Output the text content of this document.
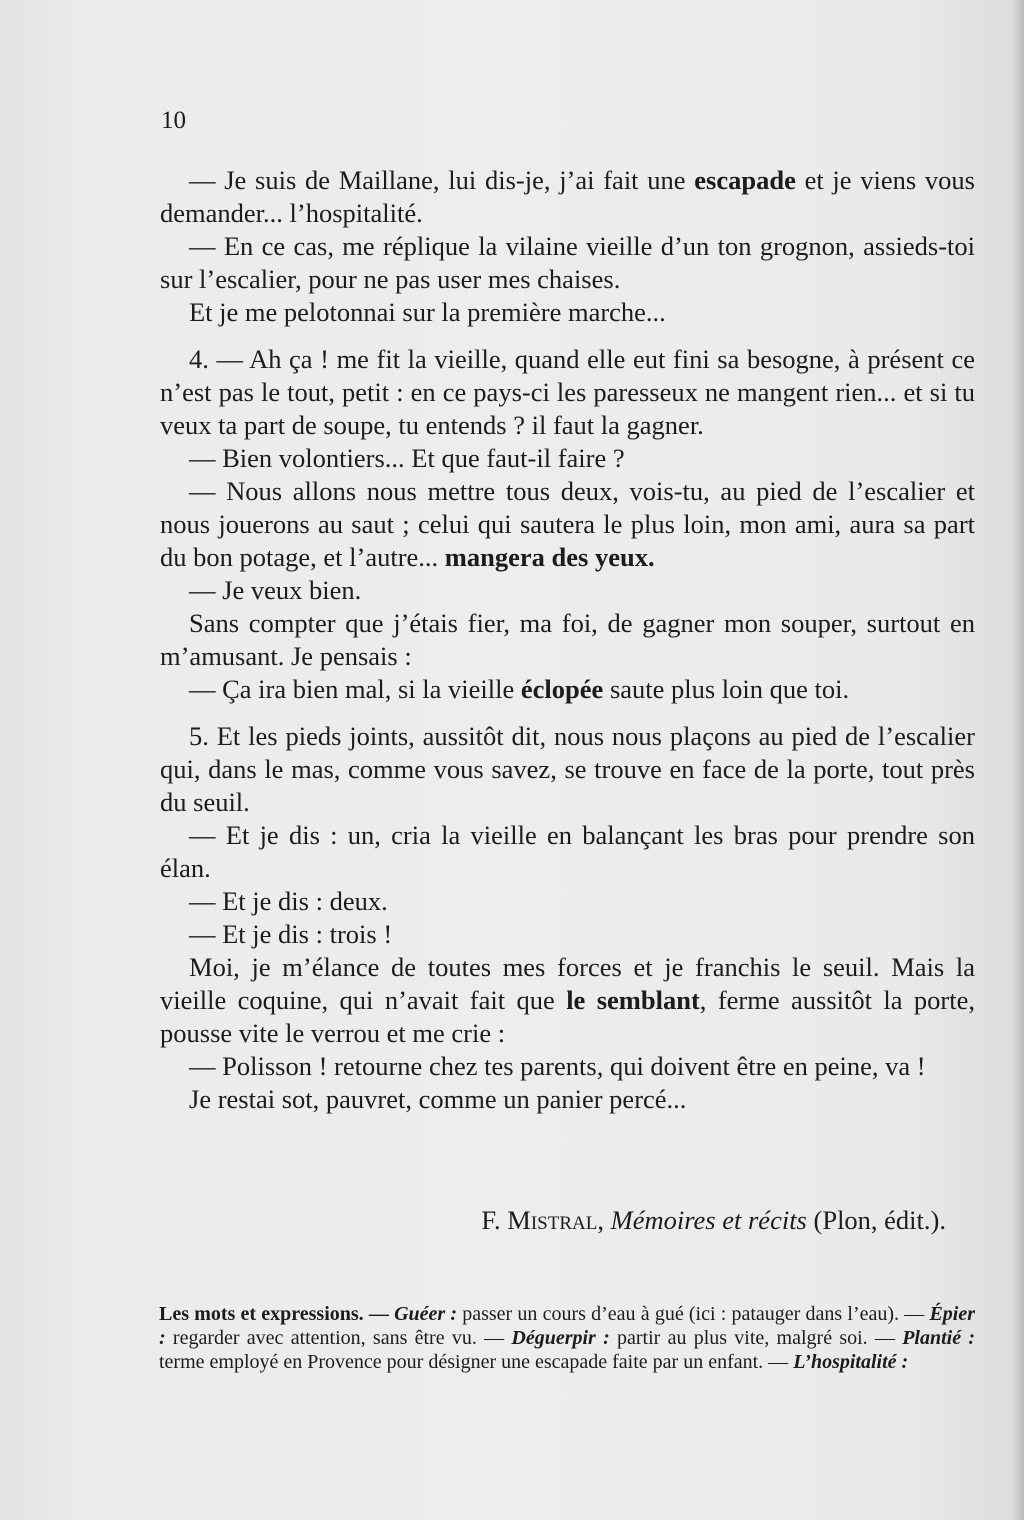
10

— Je suis de Maillane, lui dis-je, j’ai fait une escapade et je viens vous demander... l’hospitalité.

— En ce cas, me réplique la vilaine vieille d’un ton grognon, assieds-toi sur l’escalier, pour ne pas user mes chaises.

Et je me pelotonnai sur la première marche...

4. — Ah ça ! me fit la vieille, quand elle eut fini sa besogne, à présent ce n’est pas le tout, petit : en ce pays-ci les paresseux ne mangent rien... et si tu veux ta part de soupe, tu entends ? il faut la gagner.

— Bien volontiers... Et que faut-il faire ?

— Nous allons nous mettre tous deux, vois-tu, au pied de l’escalier et nous jouerons au saut ; celui qui sautera le plus loin, mon ami, aura sa part du bon potage, et l’autre... mangera des yeux.

— Je veux bien.

Sans compter que j’étais fier, ma foi, de gagner mon souper, surtout en m’amusant. Je pensais :

— Ça ira bien mal, si la vieille éclopée saute plus loin que toi.

5. Et les pieds joints, aussitôt dit, nous nous plaçons au pied de l’escalier qui, dans le mas, comme vous savez, se trouve en face de la porte, tout près du seuil.

— Et je dis : un, cria la vieille en balançant les bras pour prendre son élan.

— Et je dis : deux.

— Et je dis : trois !

Moi, je m’élance de toutes mes forces et je franchis le seuil. Mais la vieille coquine, qui n’avait fait que le semblant, ferme aussitôt la porte, pousse vite le verrou et me crie :

— Polisson ! retourne chez tes parents, qui doivent être en peine, va !

Je restai sot, pauvret, comme un panier percé...

F. Mistral, Mémoires et récits (Plon, édit.).
Les mots et expressions. — Guéer : passer un cours d’eau à gué (ici : patauger dans l’eau). — Épier : regarder avec attention, sans être vu. — Déguerpir : partir au plus vite, malgré soi. — Plantié : terme employé en Provence pour désigner une escapade faite par un enfant. — L’hospitalité :
